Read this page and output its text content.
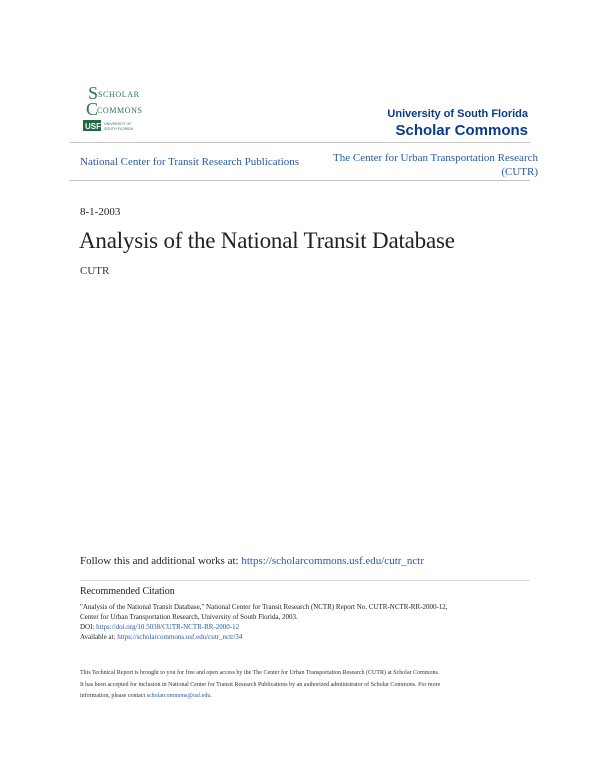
S SCHOLAR
C
COMMONS
USF UNIVERSITY OF
SOUTH FLORIDA
University of South Florida
Scholar Commons
National Center for Transit Research Publications	The Center for Urban Transportation Research (CUTR)
8-1-2003
Analysis of the National Transit Database
CUTR
Follow this and additional works at: https://scholarcommons.usf.edu/cutr_nctr
Recommended Citation
"Analysis of the National Transit Database," National Center for Transit Research (NCTR) Report No. CUTR-NCTR-RR-2000-12,
Center for Urban Transportation Research, University of South Florida, 2003.
DOI: https://doi.org/10.5038/CUTR-NCTR-RR-2000-12
Available at: https://scholarcommons.usf.edu/cutr_nctr/34
This Technical Report is brought to you for free and open access by the The Center for Urban Transportation Research (CUTR) at Scholar Commons.
It has been accepted for inclusion in National Center for Transit Research Publications by an authorized administrator of Scholar Commons. For more
information, please contact scholarcommons@usf.edu.
